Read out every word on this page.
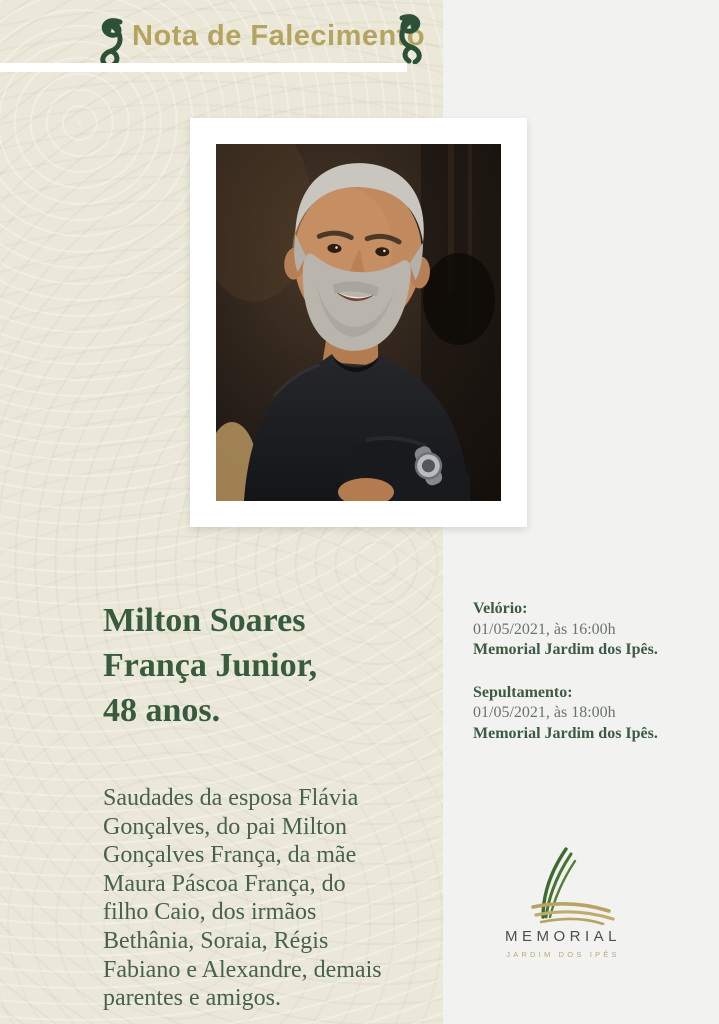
Nota de Falecimento
Milton Soares
França Junior,
48 anos.
Saudades da esposa Flávia
Gonçalves, do pai Milton
Gonçalves França, da mãe
Maura Páscoa França, do
filho Caio, dos irmãos
Bethânia, Soraia, Régis
Fabiano e Alexandre, demais
parentes e amigos.
Velório:
01/05/2021, às 16:00h
Memorial Jardim dos Ipês.
Sepultamento:
01/05/2021, às 18:00h
Memorial Jardim dos Ipês.
MEMORIAL
JARDIM DOS IPÊS
